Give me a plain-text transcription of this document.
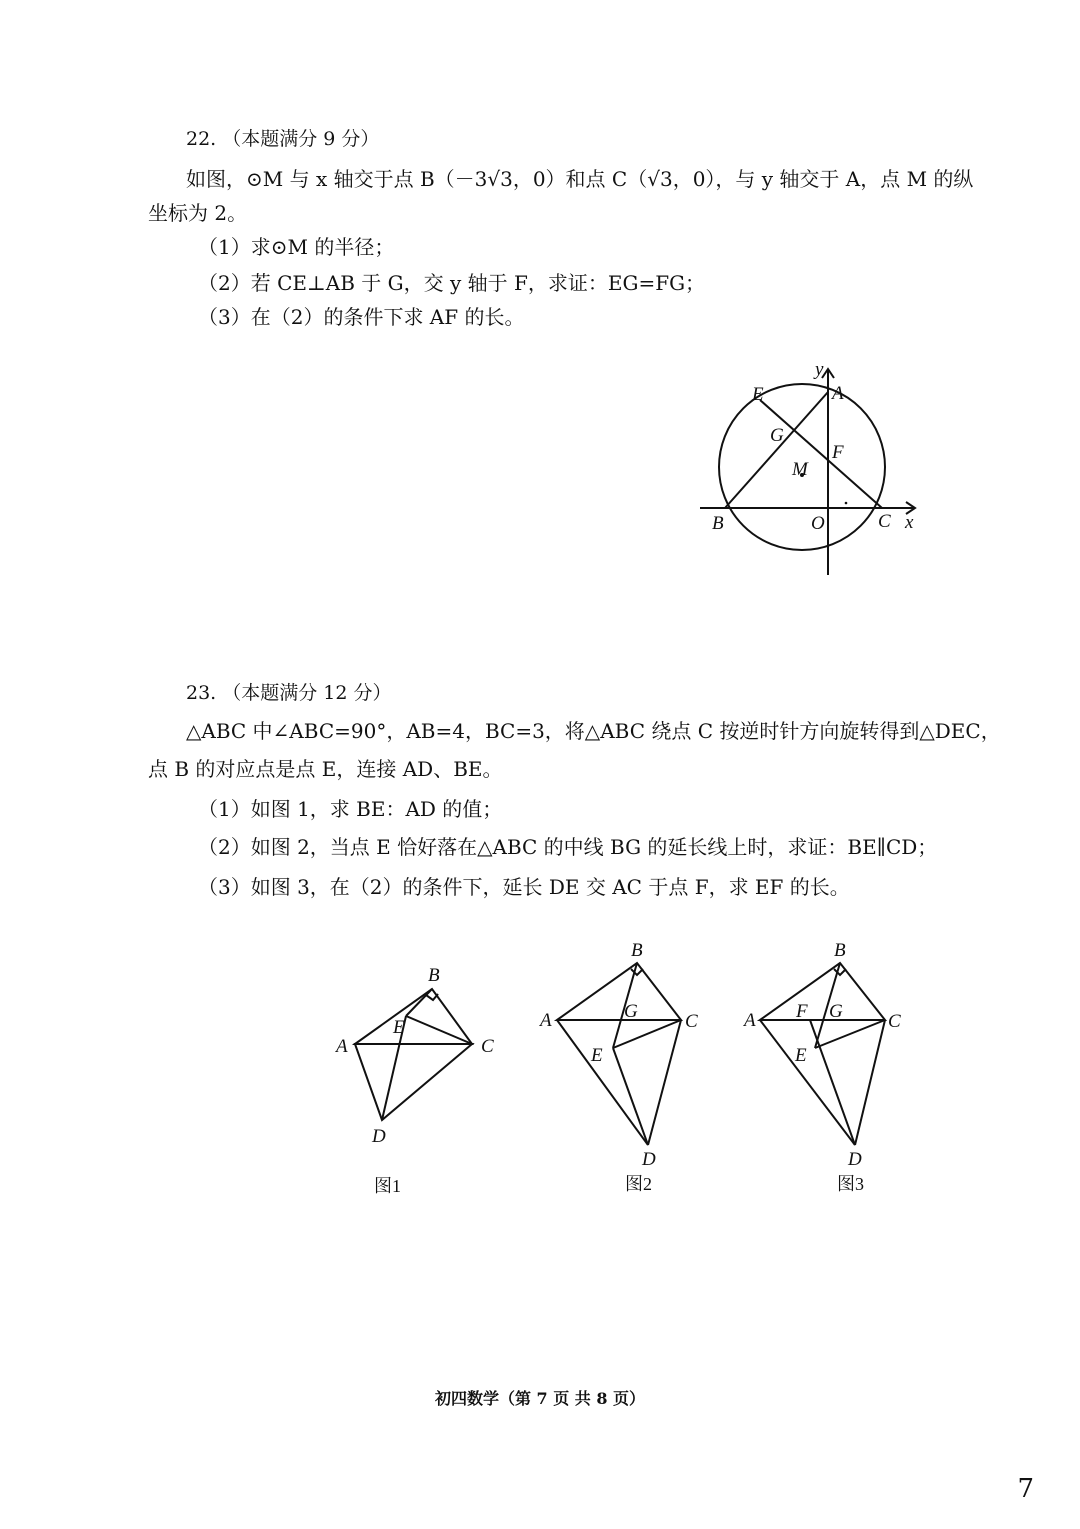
22. （本题满分 9 分）
如图，⊙M 与 x 轴交于点 B（－3√3，0）和点 C（√3，0），与 y 轴交于 A，点 M 的纵
坐标为 2。
（1）求⊙M 的半径；
（2）若 CE⊥AB 于 G，交 y 轴于 F，求证：EG=FG；
（3）在（2）的条件下求 AF 的长。
y
A
E
G
F
M
B	O	C x
23. （本题满分 12 分）
△ABC 中∠ABC=90°，AB=4，BC=3，将△ABC 绕点 C 按逆时针方向旋转得到△DEC，
点 B 的对应点是点 E，连接 AD、BE。
（1）如图 1，求 BE：AD 的值；
（2）如图 2，当点 E 恰好落在△ABC 的中线 BG 的延长线上时，求证：BE∥CD；
（3）如图 3，在（2）的条件下，延长 DE 交 AC 于点 F，求 EF 的长。
B
E
A	C
D
图1
B
G
A	C
E
D
图2
B
F G
A	C
E
D
图3
初四数学（第 7 页 共 8 页）
7
